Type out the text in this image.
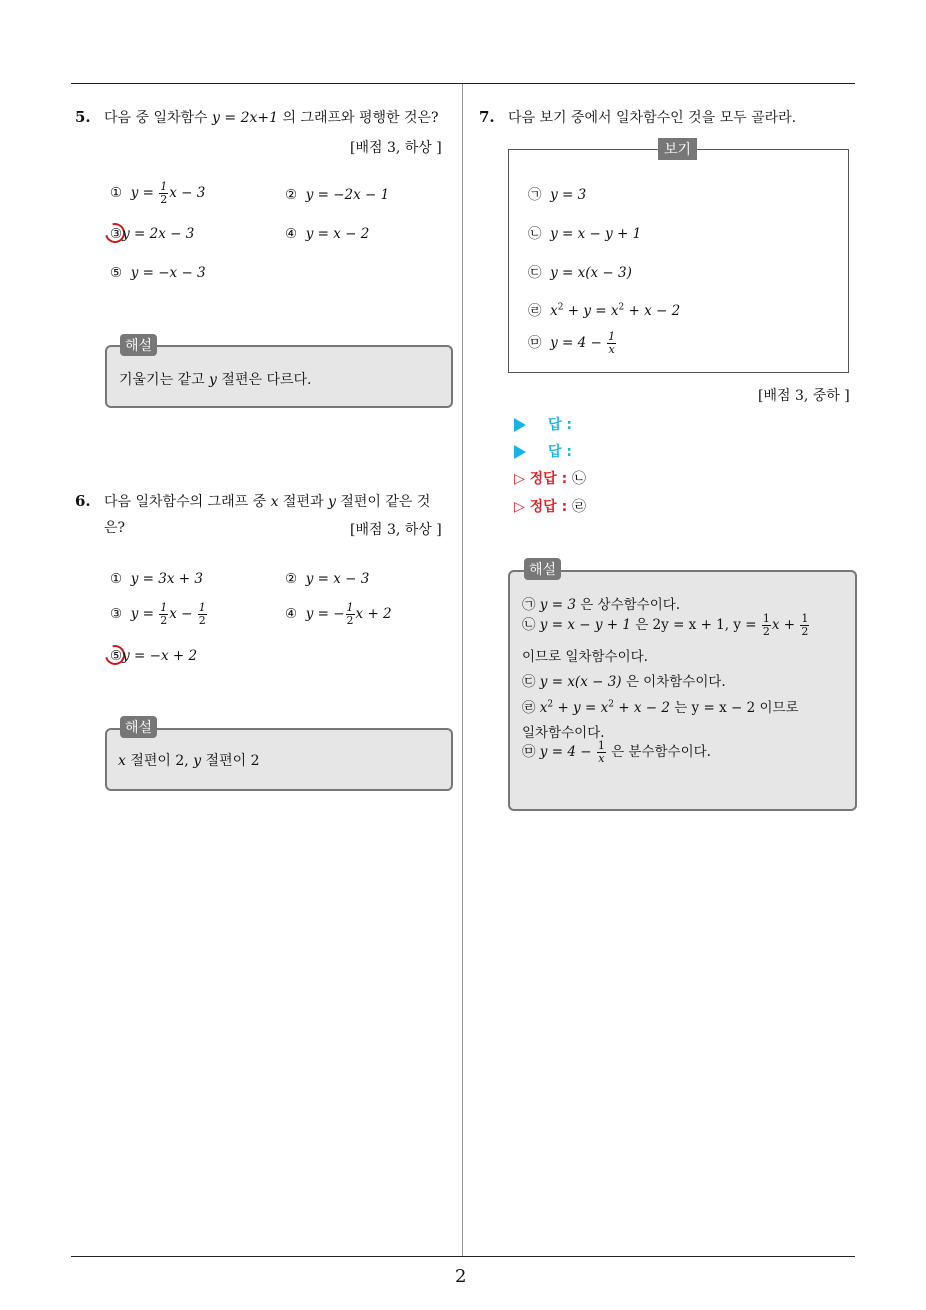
2
5. 다음 중 일차함수 y = 2x+1 의 그래프와 평행한 것은?
[배점 3, 하상 ]
① $y = \frac{1}{2}$ x − 3	② y = −2x − 1
③y = 2x − 3	④ y = x − 2
⑤ y = −x − 3
해설
기울기는 같고 y 절편은 다르다.
6. 다음 일차함수의 그래프 중 x 절편과 y 절편이 같은 것
은?	[배점 3, 하상 ]
① y = 3x + 3	② y = x − 3
③ $y = \frac{1}{2}$ $x - \frac{1}{2}$	④ y = − $\frac{1}{2}$ x + 2
⑤y = −x + 2
해설
x 절편이 2, y 절편이 2
7. 다음 보기 중에서 일차함수인 것을 모두 골라라.
보기
㉠ y = 3
㉡ y = x − y + 1
㉢ y = x(x − 3)
㉣ $x^2 + y = x^2 + x - 2$
㉤ $y = 4 - \frac{1}{x}$
[배점 3, 중하 ]
답 :
답 :
▷ 정답 : ㉡
▷ 정답 : ㉣
해설
㉠ y = 3 은 상수함수이다.
㉡ y = x − y + 1 은 2y = x + 1, $y = \frac{1}{2}$ $x + \frac{1}{2}$
이므로 일차함수이다.
㉢ y = x(x − 3) 은 이차함수이다.
㉣ $x^2 + y = x^2 + x - 2$ 는 y = x − 2 이므로
일차함수이다.
㉤ $y = 4 - \frac{1}{x}$ 은 분수함수이다.
